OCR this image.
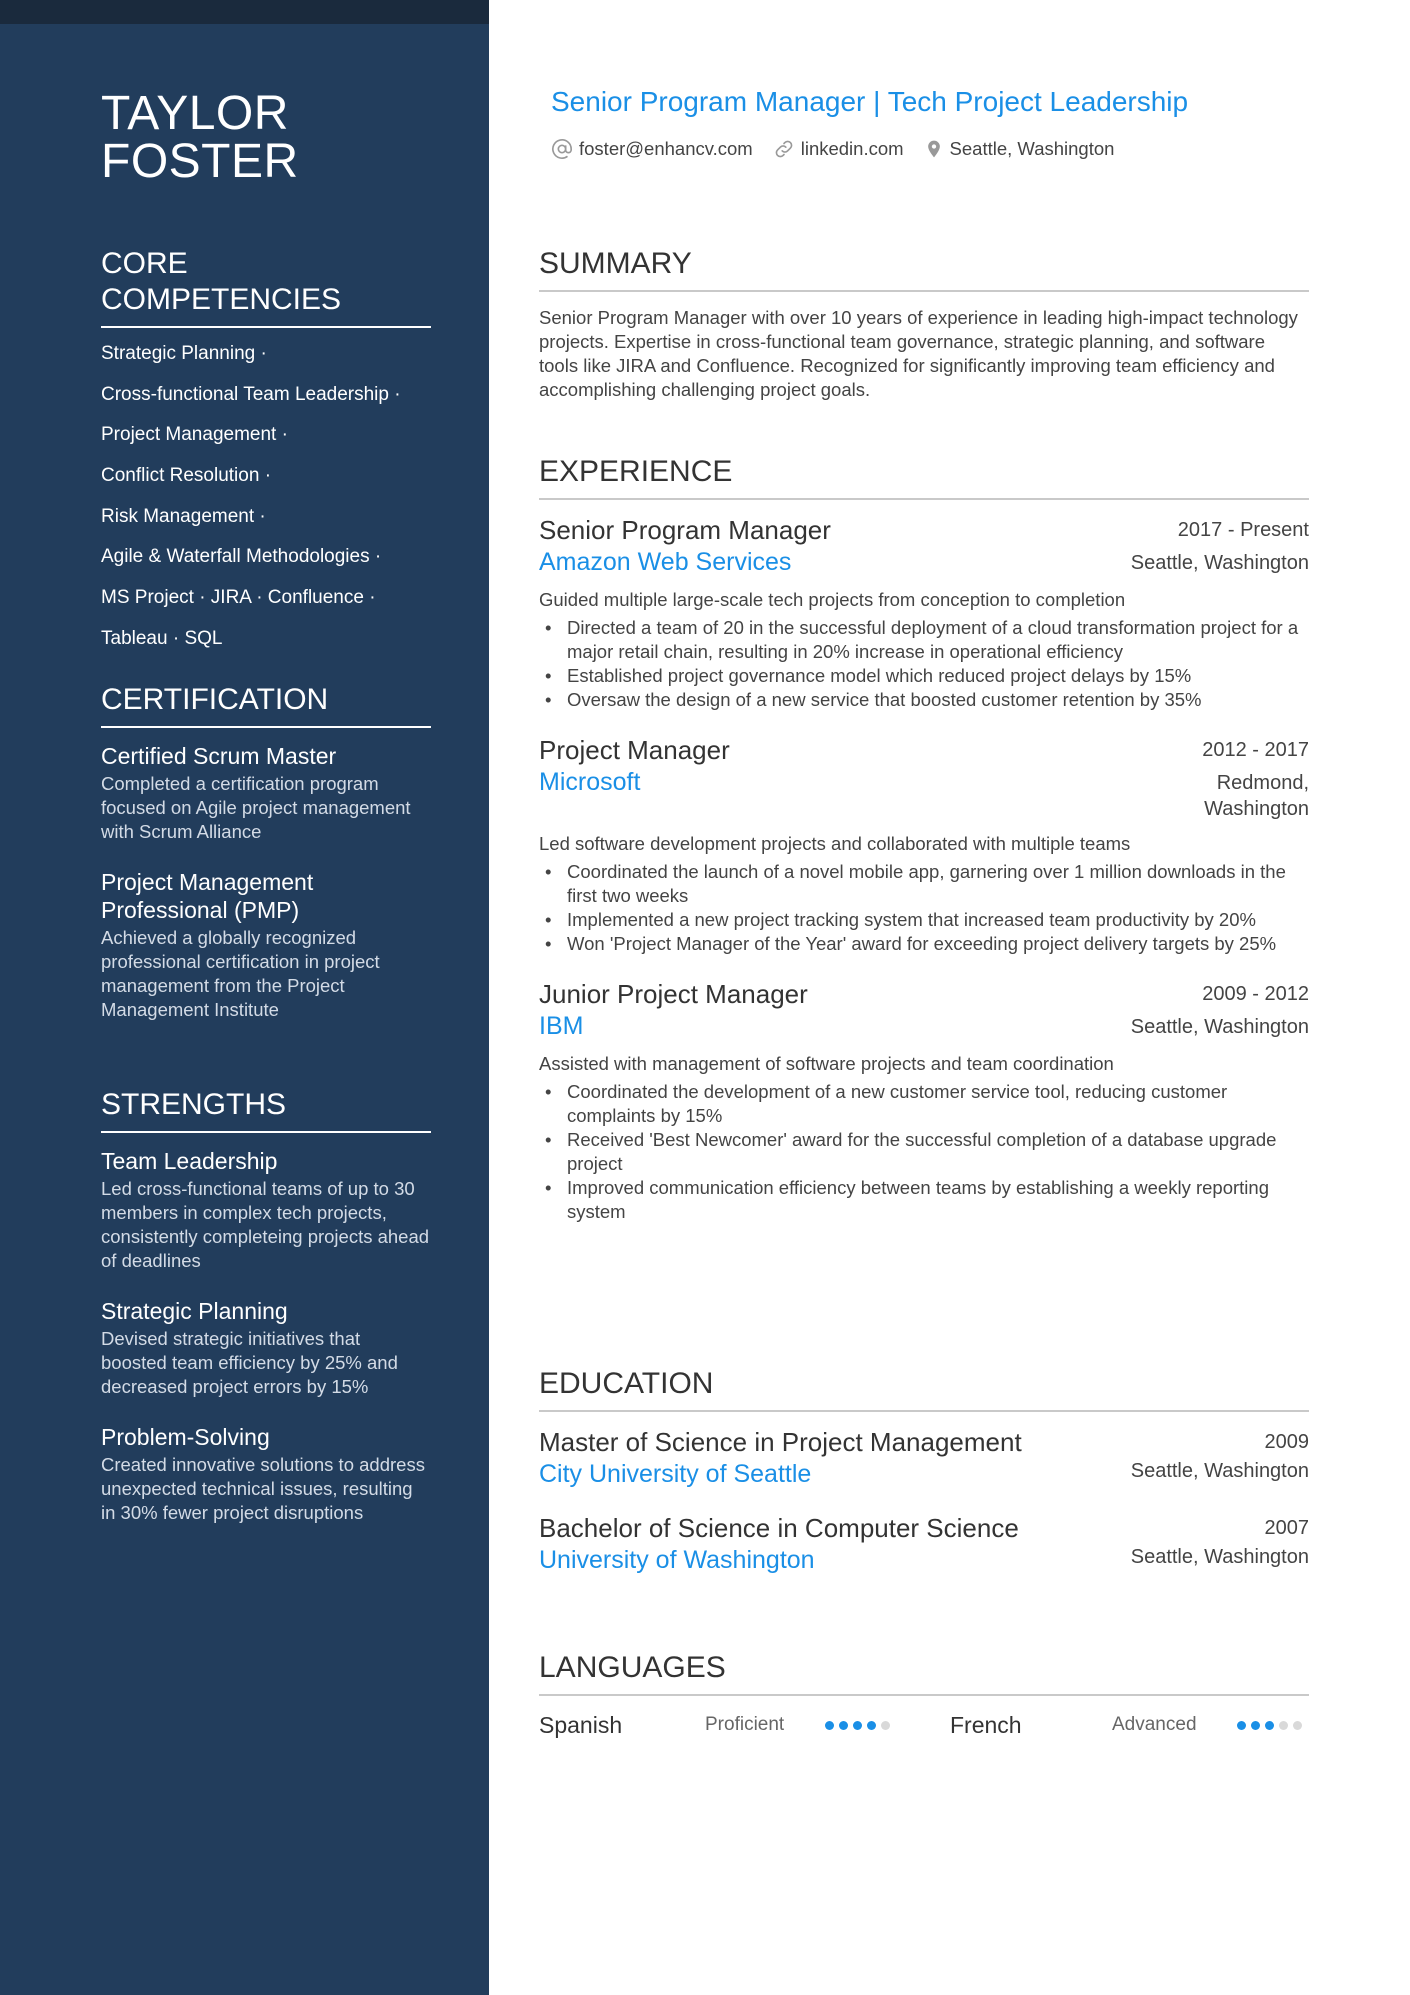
TAYLOR
FOSTER
CORE COMPETENCIES
Strategic Planning ·
Cross-functional Team Leadership ·
Project Management ·
Conflict Resolution ·
Risk Management ·
Agile & Waterfall Methodologies ·
MS Project · JIRA · Confluence ·
Tableau · SQL
CERTIFICATION
Certified Scrum Master
Completed a certification program focused on Agile project management with Scrum Alliance
Project Management Professional (PMP)
Achieved a globally recognized professional certification in project management from the Project Management Institute
STRENGTHS
Team Leadership
Led cross-functional teams of up to 30 members in complex tech projects, consistently completeing projects ahead of deadlines
Strategic Planning
Devised strategic initiatives that boosted team efficiency by 25% and decreased project errors by 15%
Problem-Solving
Created innovative solutions to address unexpected technical issues, resulting in 30% fewer project disruptions
Senior Program Manager | Tech Project Leadership
foster@enhancv.com	linkedin.com Seattle, Washington
SUMMARY
Senior Program Manager with over 10 years of experience in leading high-impact technology projects. Expertise in cross-functional team governance, strategic planning, and software tools like JIRA and Confluence. Recognized for significantly improving team efficiency and accomplishing challenging project goals.
EXPERIENCE
Senior Program Manager	2017 - Present
Amazon Web Services	Seattle, Washington
Guided multiple large-scale tech projects from conception to completion
• Directed a team of 20 in the successful deployment of a cloud transformation project for a major retail chain, resulting in 20% increase in operational efficiency
• Established project governance model which reduced project delays by 15%
• Oversaw the design of a new service that boosted customer retention by 35%
Project Manager	2012 - 2017
Microsoft	Redmond, Washington
Led software development projects and collaborated with multiple teams
• Coordinated the launch of a novel mobile app, garnering over 1 million downloads in the first two weeks
• Implemented a new project tracking system that increased team productivity by 20%
• Won 'Project Manager of the Year' award for exceeding project delivery targets by 25%
Junior Project Manager	2009 - 2012
IBM	Seattle, Washington
Assisted with management of software projects and team coordination
• Coordinated the development of a new customer service tool, reducing customer complaints by 15%
• Received 'Best Newcomer' award for the successful completion of a database upgrade project
• Improved communication efficiency between teams by establishing a weekly reporting system
EDUCATION
Master of Science in Project Management	2009
City University of Seattle	Seattle, Washington
Bachelor of Science in Computer Science	2007
University of Washington	Seattle, Washington
LANGUAGES
Spanish	Proficient	French	Advanced
